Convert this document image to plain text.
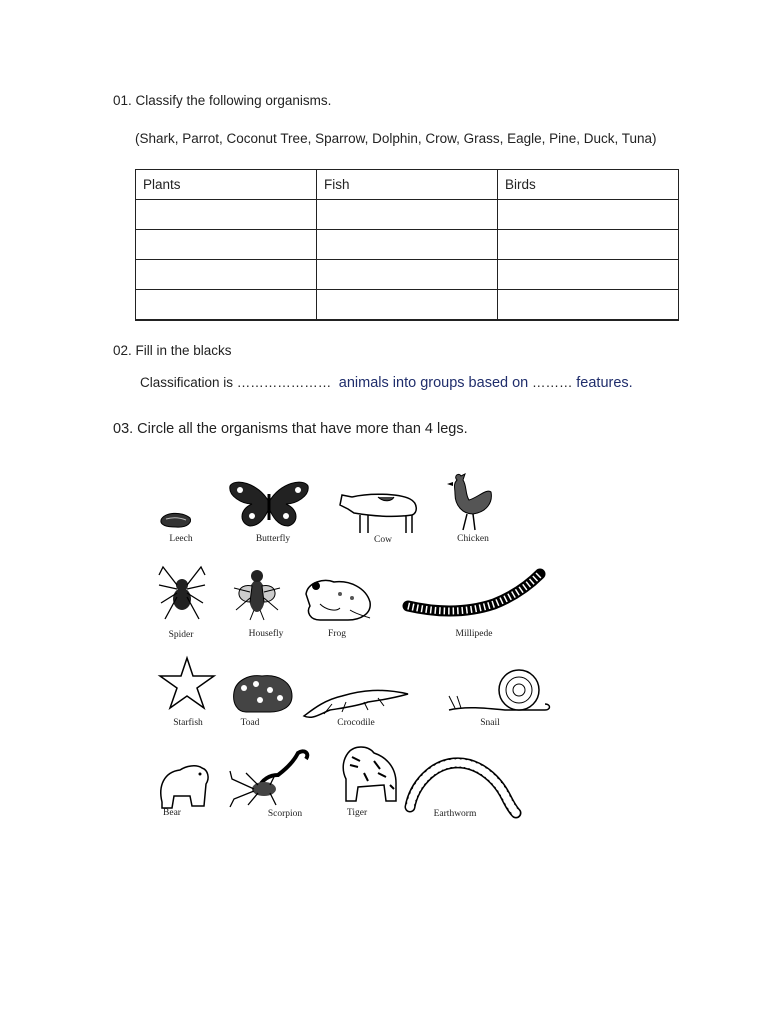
01. Classify the following organisms.
(Shark, Parrot, Coconut Tree, Sparrow, Dolphin, Crow, Grass, Eagle, Pine, Duck, Tuna)
Plants	Fish	Birds

02. Fill in the blacks
Classification is ………………… animals into groups based on ……… features.
03. Circle all the organisms that have more than 4 legs.
Leech	Butterfly	Cow	Chicken
Spider	Housefly	Frog	Millipede
Starfish	Toad	Crocodile	Snail
Bear	Scorpion	Tiger	Earthworm
